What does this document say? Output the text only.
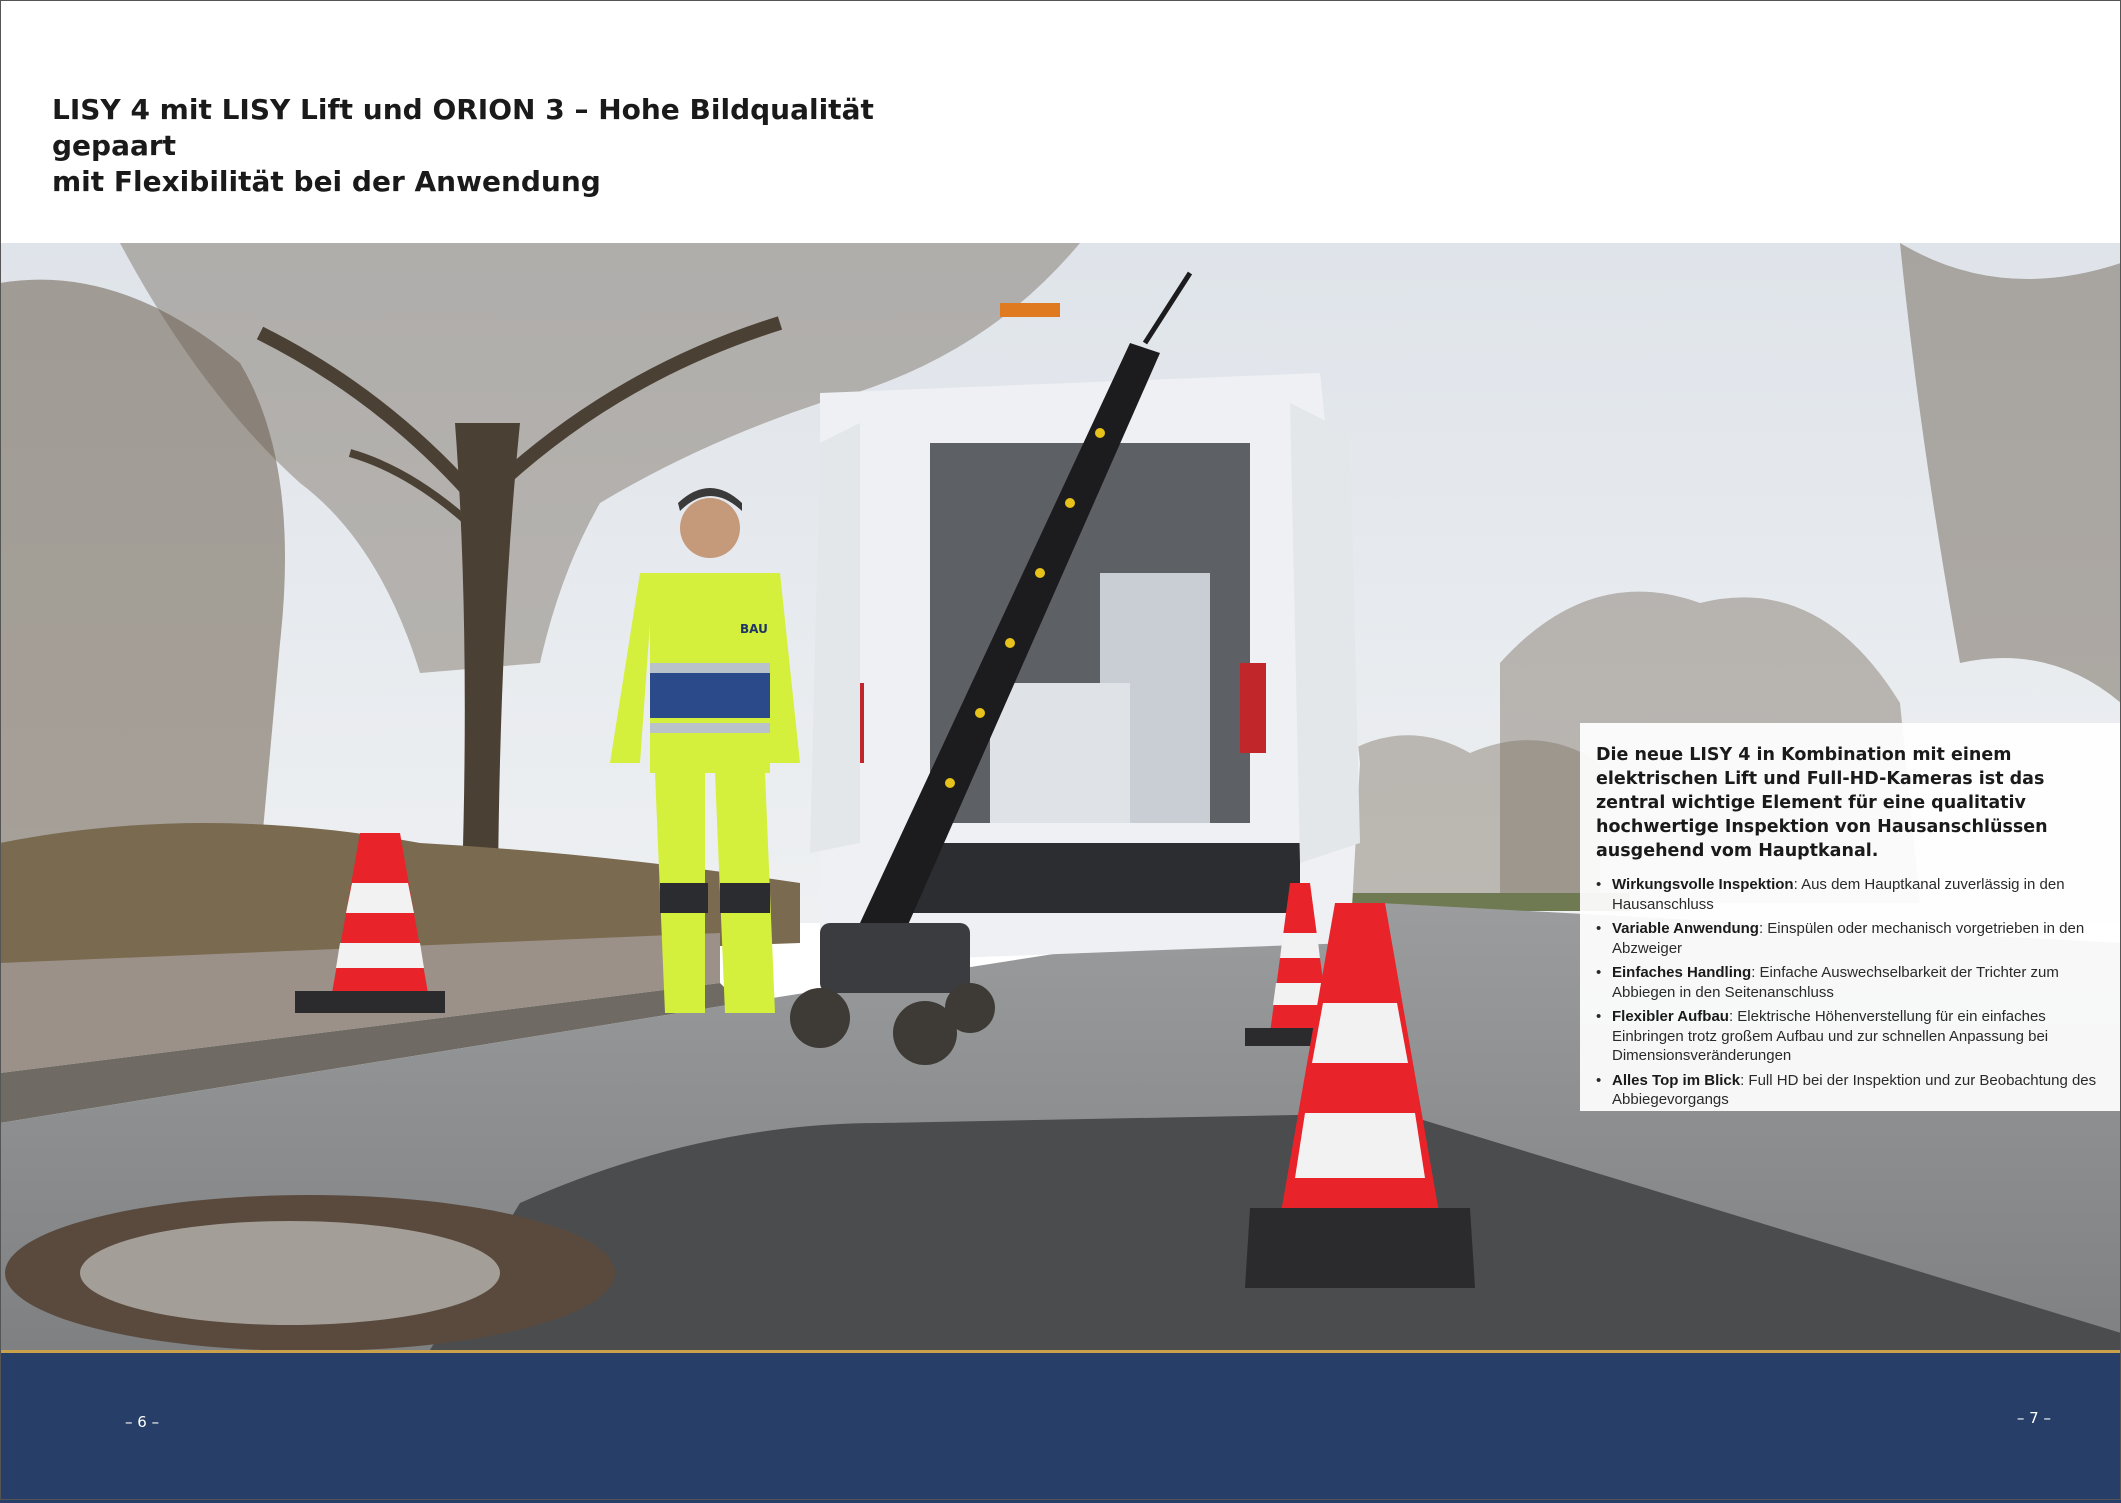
LISY 4 mit LISY Lift und ORION 3 – Hohe Bildqualität gepaart
mit Flexibilität bei der Anwendung
BAU

Die neue LISY 4 in Kombination mit einem elektrischen Lift und Full-HD-Kameras ist das zentral wichtige Element für eine qualitativ hochwertige Inspektion von Hausanschlüssen ausgehend vom Hauptkanal.

• Wirkungsvolle Inspektion: Aus dem Hauptkanal zuverlässig in den Hausanschluss
• Variable Anwendung: Einspülen oder mechanisch vorgetrieben in den Abzweiger
• Einfaches Handling: Einfache Auswechselbarkeit der Trichter zum Abbiegen in den Seitenanschluss
• Flexibler Aufbau: Elektrische Höhenverstellung für ein einfaches Einbringen trotz großem Aufbau und zur schnellen Anpassung bei Dimensionsveränderungen
• Alles Top im Blick: Full HD bei der Inspektion und zur Beobachtung des Abbiegevorgangs
– 6 –	– 7 –
